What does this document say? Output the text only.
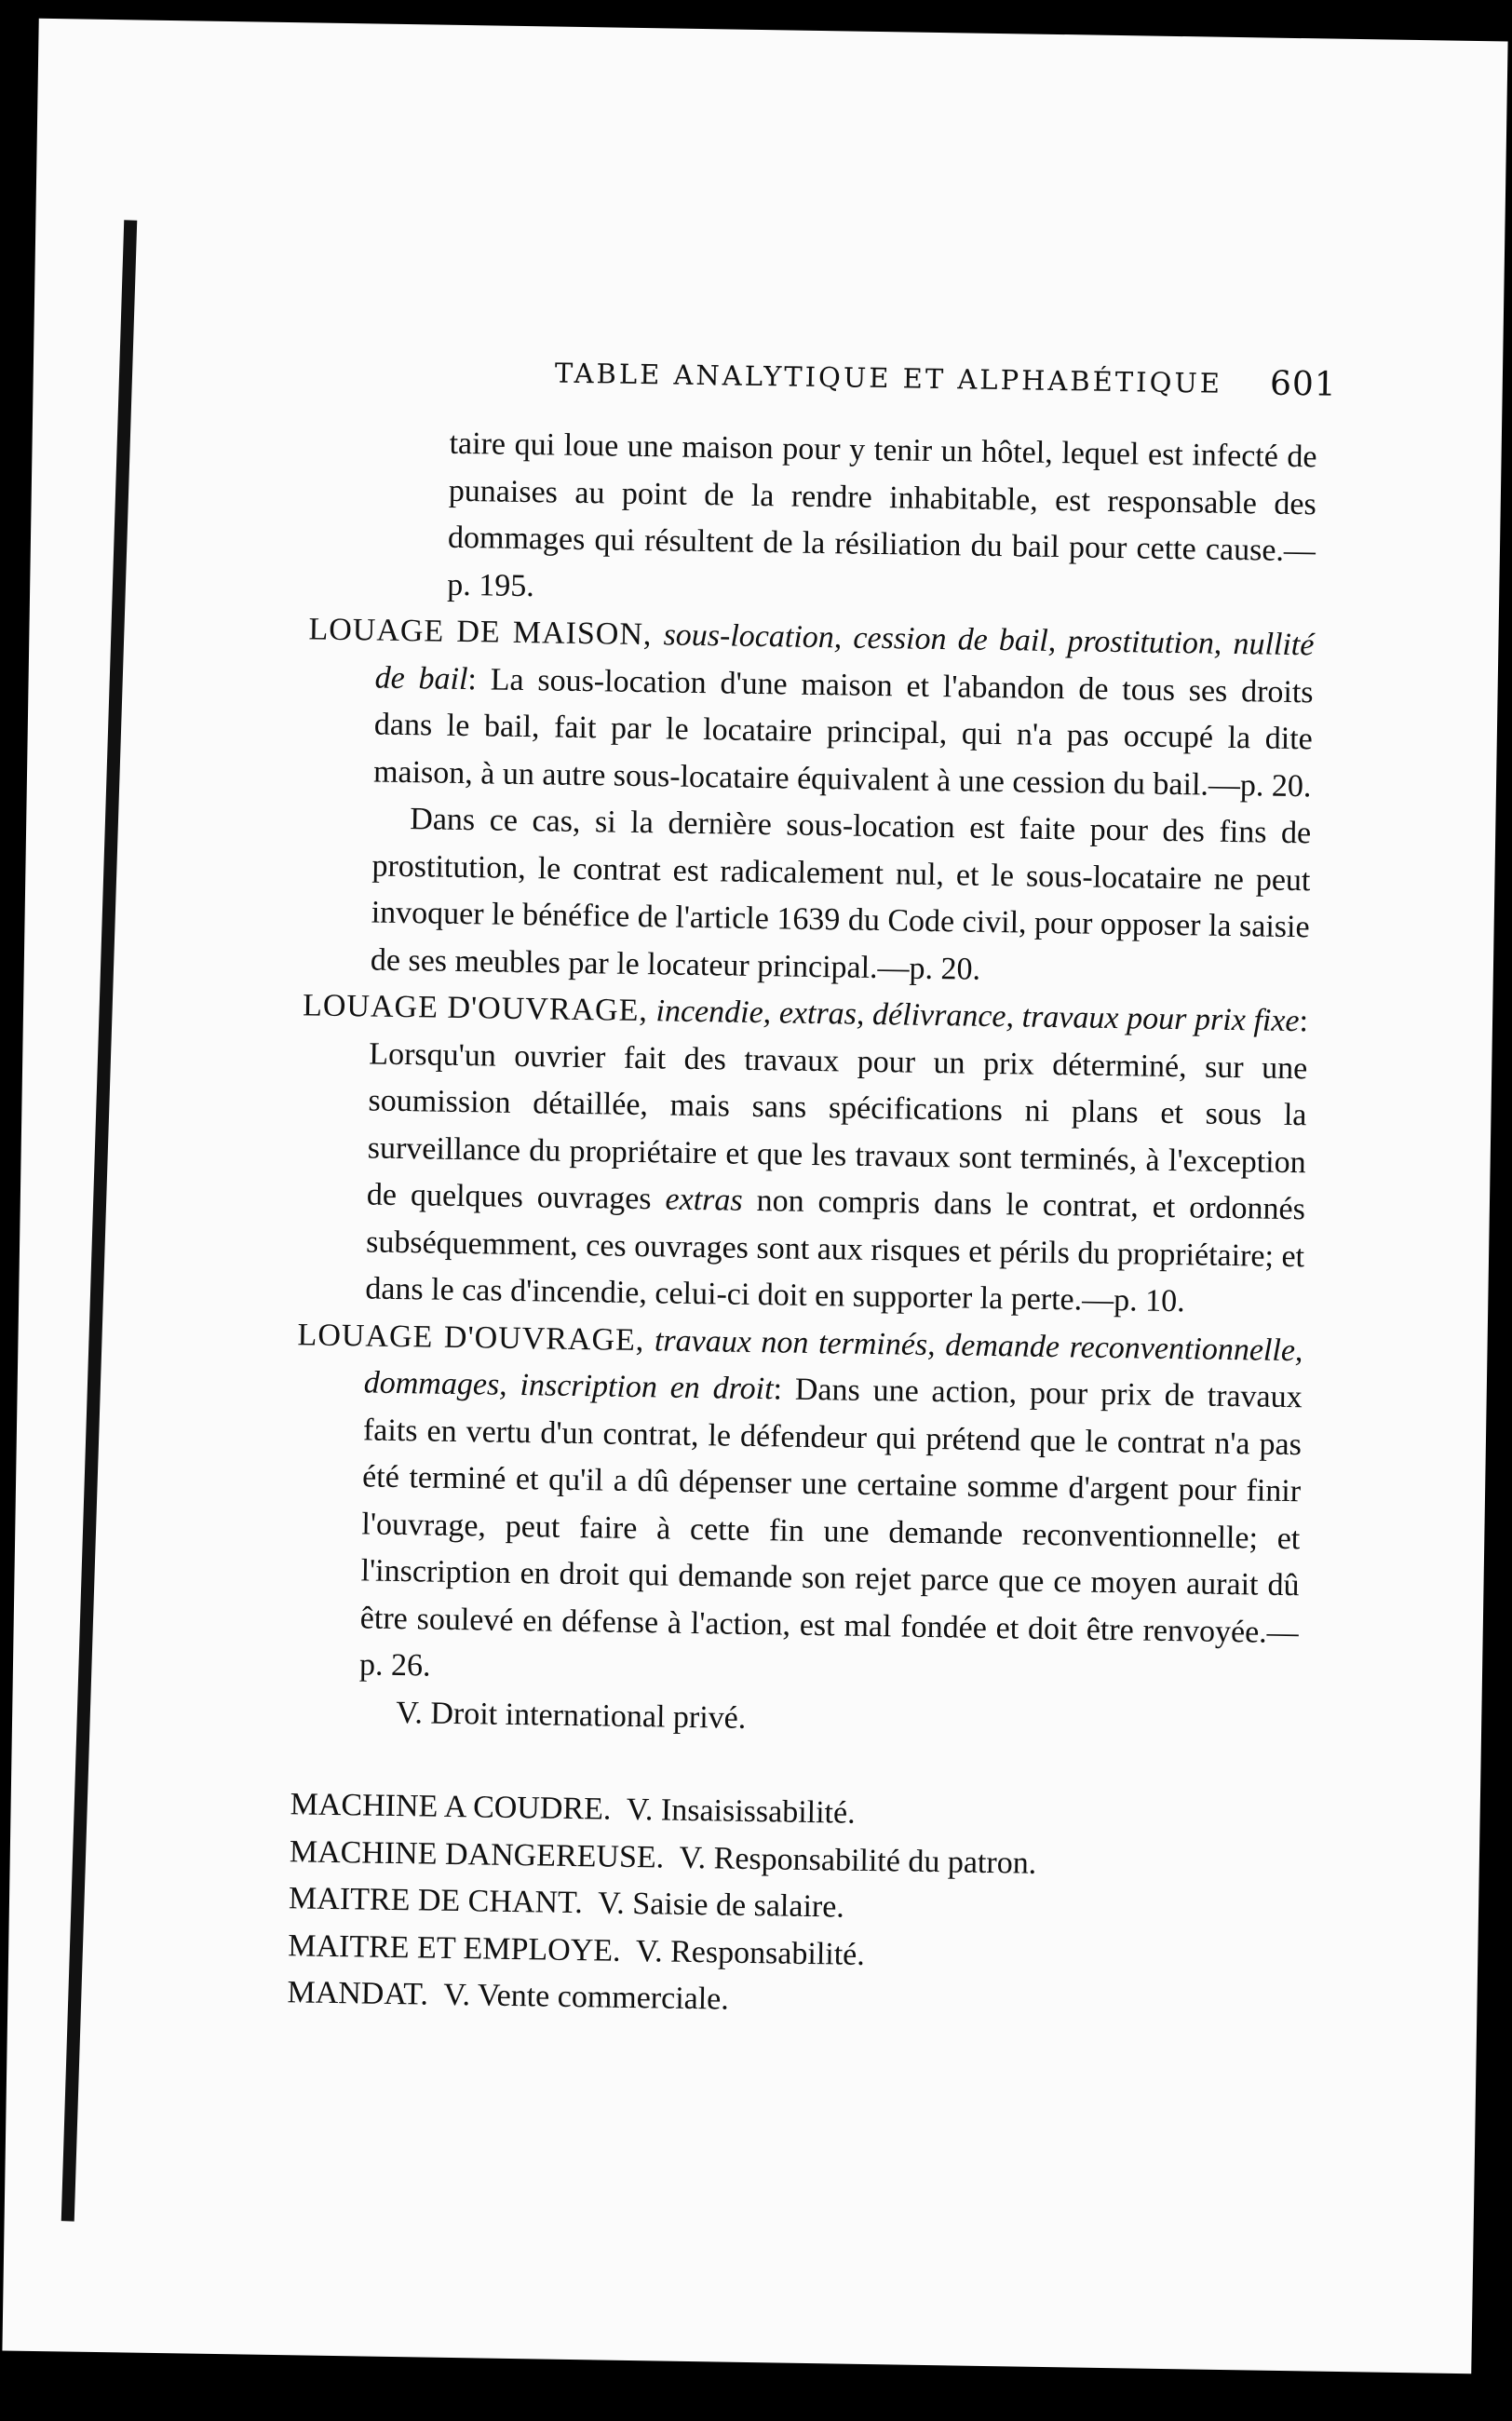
TABLE ANALYTIQUE ET ALPHABÉTIQUE 601

taire qui loue une maison pour y tenir un hôtel, lequel est infecté de punaises au point de la rendre inhabitable, est responsable des dommages qui résultent de la résiliation du bail pour cette cause.—p. 195.

LOUAGE DE MAISON, sous-location, cession de bail, prostitution, nullité de bail: La sous-location d'une maison et l'abandon de tous ses droits dans le bail, fait par le locataire principal, qui n'a pas occupé la dite maison, à un autre sous-locataire équivalent à une cession du bail.—p. 20.

Dans ce cas, si la dernière sous-location est faite pour des fins de prostitution, le contrat est radicalement nul, et le sous-locataire ne peut invoquer le bénéfice de l'article 1639 du Code civil, pour opposer la saisie de ses meubles par le locateur principal.—p. 20.

LOUAGE D'OUVRAGE, incendie, extras, délivrance, travaux pour prix fixe: Lorsqu'un ouvrier fait des travaux pour un prix déterminé, sur une soumission détaillée, mais sans spécifications ni plans et sous la surveillance du propriétaire et que les travaux sont terminés, à l'exception de quelques ouvrages extras non compris dans le contrat, et ordonnés subséquemment, ces ouvrages sont aux risques et périls du propriétaire; et dans le cas d'incendie, celui-ci doit en supporter la perte.—p. 10.

LOUAGE D'OUVRAGE, travaux non terminés, demande reconventionnelle, dommages, inscription en droit: Dans une action, pour prix de travaux faits en vertu d'un contrat, le défendeur qui prétend que le contrat n'a pas été terminé et qu'il a dû dépenser une certaine somme d'argent pour finir l'ouvrage, peut faire à cette fin une demande reconventionnelle; et l'inscription en droit qui demande son rejet parce que ce moyen aurait dû être soulevé en défense à l'action, est mal fondée et doit être renvoyée.—p. 26.

V. Droit international privé.

MACHINE A COUDRE. V. Insaisissabilité.

MACHINE DANGEREUSE. V. Responsabilité du patron.

MAITRE DE CHANT. V. Saisie de salaire.

MAITRE ET EMPLOYE. V. Responsabilité.

MANDAT. V. Vente commerciale.
